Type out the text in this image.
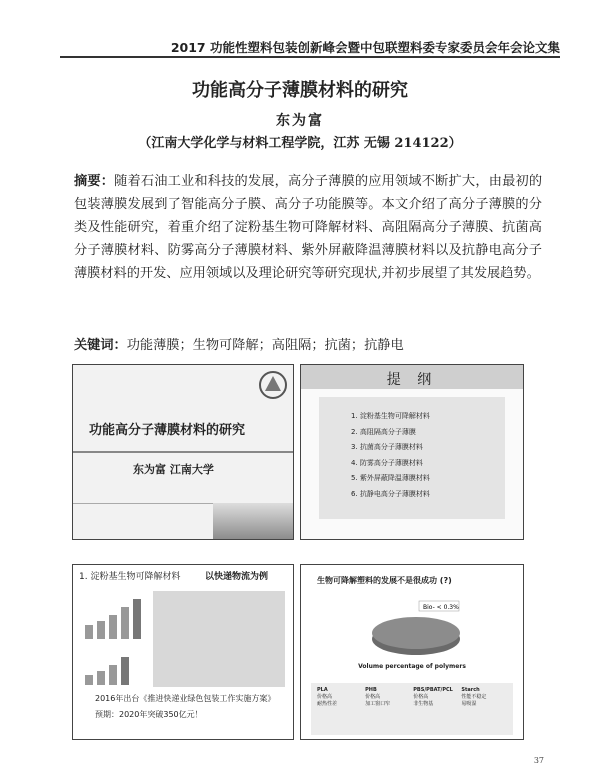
2017 功能性塑料包装创新峰会暨中包联塑料委专家委员会年会论文集
功能高分子薄膜材料的研究
东为富
（江南大学化学与材料工程学院，江苏 无锡 214122）
摘要：随着石油工业和科技的发展，高分子薄膜的应用领域不断扩大，由最初的包装薄膜发展到了智能高分子膜、高分子功能膜等。本文介绍了高分子薄膜的分类及性能研究，着重介绍了淀粉基生物可降解材料、高阻隔高分子薄膜、抗菌高分子薄膜材料、防雾高分子薄膜材料、紫外屏蔽降温薄膜材料以及抗静电高分子薄膜材料的开发、应用领域以及理论研究等研究现状,并初步展望了其发展趋势。
关键词：功能薄膜；生物可降解；高阻隔；抗菌；抗静电
功能高分子薄膜材料的研究
东为富 江南大学
提 纲
1. 淀粉基生物可降解材料
2. 高阻隔高分子薄膜
3. 抗菌高分子薄膜材料
4. 防雾高分子薄膜材料
5. 紫外屏蔽降温薄膜材料
6. 抗静电高分子薄膜材料
1. 淀粉基生物可降解材料	以快递物流为例
2016年出台《推进快递业绿色包装工作实施方案》
预期：2020年突破350亿元！
生物可降解塑料的发展不是很成功 (?)
Bio- < 0.3%
Volume percentage of polymers
PLA
价格高
耐热性差
PHB
价格高
加工窗口窄
PBS/PBAT/PCL
价格高
非生物基
Starch
性能不稳定
易吸湿
37
